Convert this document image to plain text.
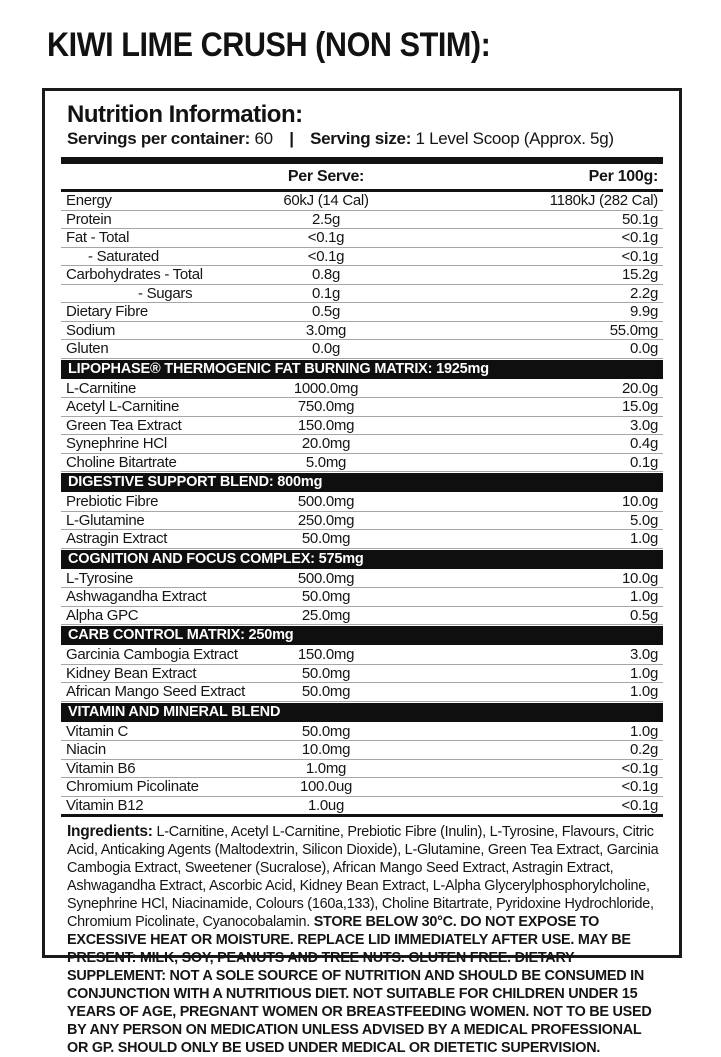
KIWI LIME CRUSH (NON STIM):
Nutrition Information:
Servings per container: 60 | Serving size: 1 Level Scoop (Approx. 5g)
Per Serve:	Per 100g:
Energy	60kJ (14 Cal)	1180kJ (282 Cal)
Protein	2.5g	50.1g
Fat - Total	<0.1g	<0.1g
- Saturated	<0.1g	<0.1g
Carbohydrates - Total	0.8g	15.2g
- Sugars	0.1g	2.2g
Dietary Fibre	0.5g	9.9g
Sodium	3.0mg	55.0mg
Gluten	0.0g	0.0g
LIPOPHASE® THERMOGENIC FAT BURNING MATRIX: 1925mg
L-Carnitine	1000.0mg	20.0g
Acetyl L-Carnitine	750.0mg	15.0g
Green Tea Extract	150.0mg	3.0g
Synephrine HCl	20.0mg	0.4g
Choline Bitartrate	5.0mg	0.1g
DIGESTIVE SUPPORT BLEND: 800mg
Prebiotic Fibre	500.0mg	10.0g
L-Glutamine	250.0mg	5.0g
Astragin Extract	50.0mg	1.0g
COGNITION AND FOCUS COMPLEX: 575mg
L-Tyrosine	500.0mg	10.0g
Ashwagandha Extract	50.0mg	1.0g
Alpha GPC	25.0mg	0.5g
CARB CONTROL MATRIX: 250mg
Garcinia Cambogia Extract	150.0mg	3.0g
Kidney Bean Extract	50.0mg	1.0g
African Mango Seed Extract	50.0mg	1.0g
VITAMIN AND MINERAL BLEND
Vitamin C	50.0mg	1.0g
Niacin	10.0mg	0.2g
Vitamin B6	1.0mg	<0.1g
Chromium Picolinate	100.0ug	<0.1g
Vitamin B12	1.0ug	<0.1g
Ingredients: L-Carnitine, Acetyl L-Carnitine, Prebiotic Fibre (Inulin), L-Tyrosine, Flavours, Citric Acid, Anticaking Agents (Maltodextrin, Silicon Dioxide), L-Glutamine, Green Tea Extract, Garcinia Cambogia Extract, Sweetener (Sucralose), African Mango Seed Extract, Astragin Extract, Ashwagandha Extract, Ascorbic Acid, Kidney Bean Extract, L-Alpha Glycerylphosphorylcholine, Synephrine HCl, Niacinamide, Colours (160a,133), Choline Bitartrate, Pyridoxine Hydrochloride, Chromium Picolinate, Cyanocobalamin. STORE BELOW 30°C. DO NOT EXPOSE TO EXCESSIVE HEAT OR MOISTURE. REPLACE LID IMMEDIATELY AFTER USE. MAY BE PRESENT: MILK, SOY, PEANUTS AND TREE NUTS. GLUTEN FREE. DIETARY SUPPLEMENT: NOT A SOLE SOURCE OF NUTRITION AND SHOULD BE CONSUMED IN CONJUNCTION WITH A NUTRITIOUS DIET. NOT SUITABLE FOR CHILDREN UNDER 15 YEARS OF AGE, PREGNANT WOMEN OR BREASTFEEDING WOMEN. NOT TO BE USED BY ANY PERSON ON MEDICATION UNLESS ADVISED BY A MEDICAL PROFESSIONAL OR GP. SHOULD ONLY BE USED UNDER MEDICAL OR DIETETIC SUPERVISION.
